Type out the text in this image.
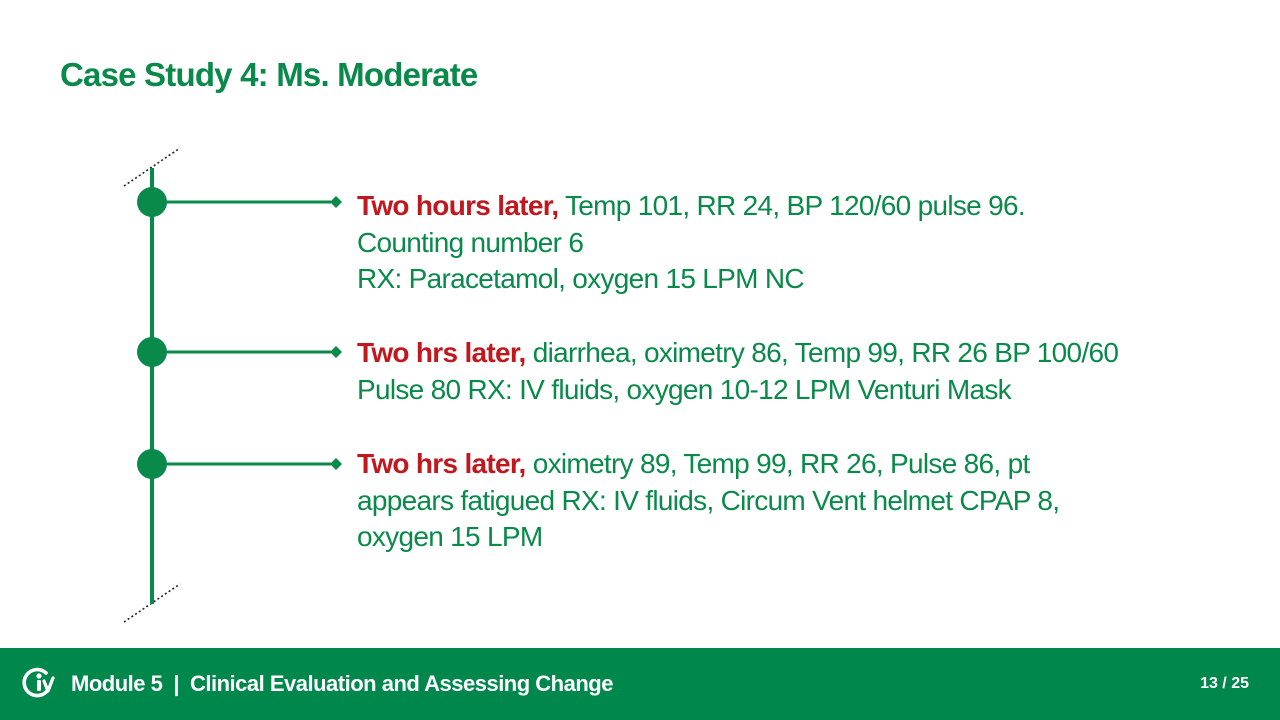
Case Study 4: Ms. Moderate
Two hours later, Temp 101, RR 24, BP 120/60 pulse 96.
Counting number 6
RX: Paracetamol, oxygen 15 LPM NC
Two hrs later, diarrhea, oximetry 86, Temp 99, RR 26 BP 100/60
Pulse 80 RX: IV fluids, oxygen 10-12 LPM Venturi Mask
Two hrs later, oximetry 89, Temp 99, RR 26, Pulse 86, pt
appears fatigued RX: IV fluids, Circum Vent helmet CPAP 8,
oxygen 15 LPM
Module 5 | Clinical Evaluation and Assessing Change	13 / 25
